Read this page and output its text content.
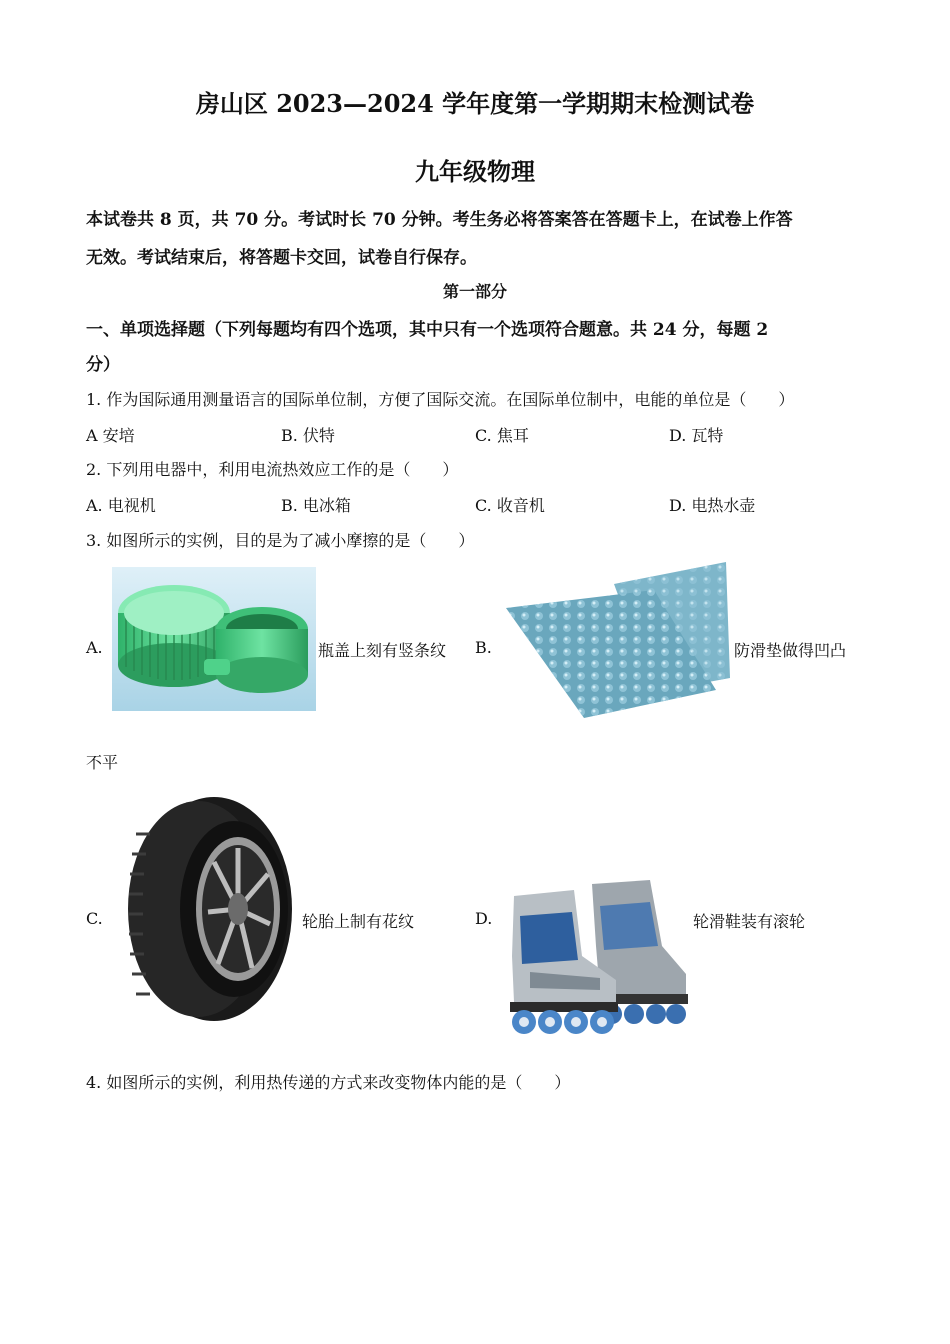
房山区 2023—2024 学年度第一学期期末检测试卷
九年级物理
本试卷共 8 页，共 70 分。考试时长 70 分钟。考生务必将答案答在答题卡上，在试卷上作答
无效。考试结束后，将答题卡交回，试卷自行保存。
第一部分
一、单项选择题（下列每题均有四个选项，其中只有一个选项符合题意。共 24 分，每题 2
分）
1. 作为国际通用测量语言的国际单位制，方便了国际交流。在国际单位制中，电能的单位是（　　）
A 安培	B. 伏特	C. 焦耳	D. 瓦特
2. 下列用电器中，利用电流热效应工作的是（　　）
A. 电视机	B. 电冰箱	C. 收音机	D. 电热水壶
3. 如图所示的实例，目的是为了减小摩擦的是（　　）
A.	瓶盖上刻有竖条纹 B.	防滑垫做得凹凸
不平
C.	轮胎上制有花纹	D.	轮滑鞋装有滚轮
4. 如图所示的实例，利用热传递的方式来改变物体内能的是（　　）
